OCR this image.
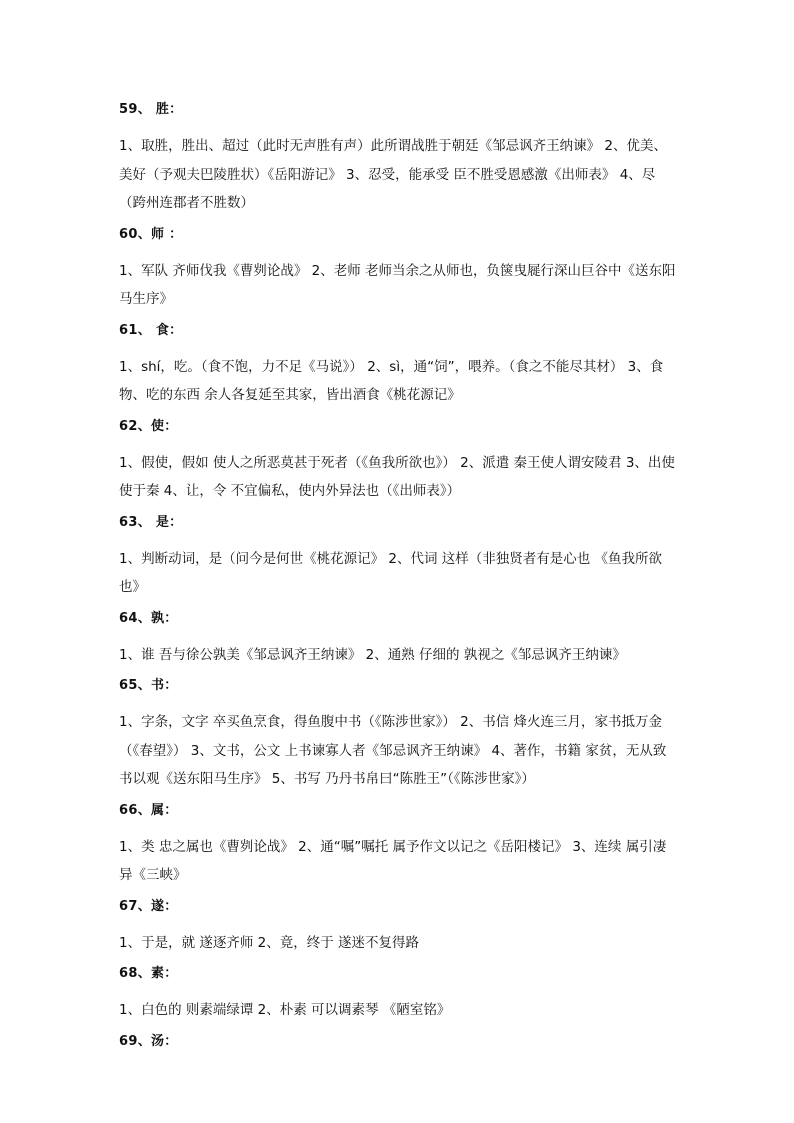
59、 胜：
1、取胜，胜出、超过（此时无声胜有声）此所谓战胜于朝廷《邹忌讽齐王纳谏》 2、优美、美好（予观夫巴陵胜状）《岳阳游记》 3、忍受，能承受 臣不胜受恩感激《出师表》 4、尽（跨州连郡者不胜数）
60、师 ：
1、军队 齐师伐我《曹刿论战》 2、老师 老师当余之从师也，负箧曳屣行深山巨谷中《送东阳马生序》
61、 食：
1、shí，吃。（食不饱，力不足《马说》） 2、sì，通“饲”，喂养。（食之不能尽其材） 3、食物、吃的东西 余人各复延至其家，皆出酒食《桃花源记》
62、使：
1、假使，假如 使人之所恶莫甚于死者（《鱼我所欲也》） 2、派遣 秦王使人谓安陵君 3、出使 使于秦 4、让，令 不宜偏私，使内外异法也（《出师表》）
63、 是：
1、判断动词，是（问今是何世《桃花源记》 2、代词 这样（非独贤者有是心也 《鱼我所欲也》
64、孰：
1、谁 吾与徐公孰美《邹忌讽齐王纳谏》 2、通熟 仔细的 孰视之《邹忌讽齐王纳谏》
65、书：
1、字条，文字 卒买鱼烹食，得鱼腹中书（《陈涉世家》） 2、书信 烽火连三月，家书抵万金（《春望》） 3、文书，公文 上书谏寡人者《邹忌讽齐王纳谏》 4、著作，书籍 家贫，无从致书以观《送东阳马生序》 5、书写 乃丹书帛曰“陈胜王”（《陈涉世家》）
66、属：
1、类 忠之属也《曹刿论战》 2、通“嘱”嘱托 属予作文以记之《岳阳楼记》 3、连续 属引凄异《三峡》
67、遂：
1、于是，就 遂逐齐师 2、竟，终于 遂迷不复得路
68、素：
1、白色的 则素端绿谭 2、朴素 可以调素琴 《陋室铭》
69、汤：
